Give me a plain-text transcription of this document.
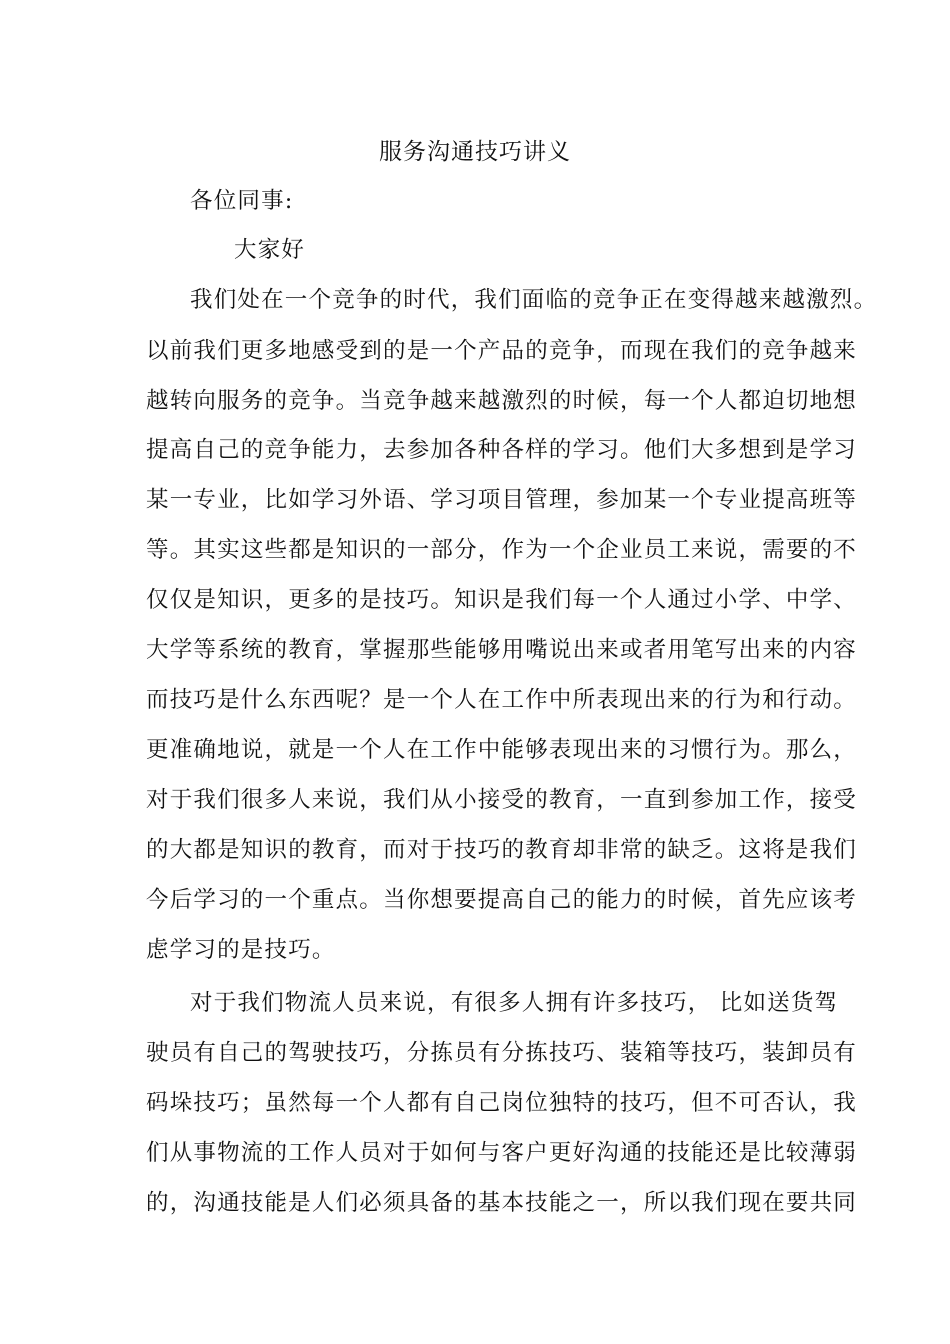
服务沟通技巧讲义
各位同事:
大家好
我们处在一个竞争的时代，我们面临的竞争正在变得越来越激烈。
以前我们更多地感受到的是一个产品的竞争，而现在我们的竞争越来
越转向服务的竞争。当竞争越来越激烈的时候，每一个人都迫切地想
提高自己的竞争能力，去参加各种各样的学习。他们大多想到是学习
某一专业，比如学习外语、学习项目管理，参加某一个专业提高班等
等。其实这些都是知识的一部分，作为一个企业员工来说，需要的不
仅仅是知识，更多的是技巧。知识是我们每一个人通过小学、中学、
大学等系统的教育，掌握那些能够用嘴说出来或者用笔写出来的内容
而技巧是什么东西呢？是一个人在工作中所表现出来的行为和行动。
更准确地说，就是一个人在工作中能够表现出来的习惯行为。那么，
对于我们很多人来说，我们从小接受的教育，一直到参加工作，接受
的大都是知识的教育，而对于技巧的教育却非常的缺乏。这将是我们
今后学习的一个重点。当你想要提高自己的能力的时候，首先应该考
虑学习的是技巧。
对于我们物流人员来说，有很多人拥有许多技巧， 比如送货驾
驶员有自己的驾驶技巧，分拣员有分拣技巧、装箱等技巧，装卸员有
码垛技巧；虽然每一个人都有自己岗位独特的技巧，但不可否认，我
们从事物流的工作人员对于如何与客户更好沟通的技能还是比较薄弱
的，沟通技能是人们必须具备的基本技能之一，所以我们现在要共同
